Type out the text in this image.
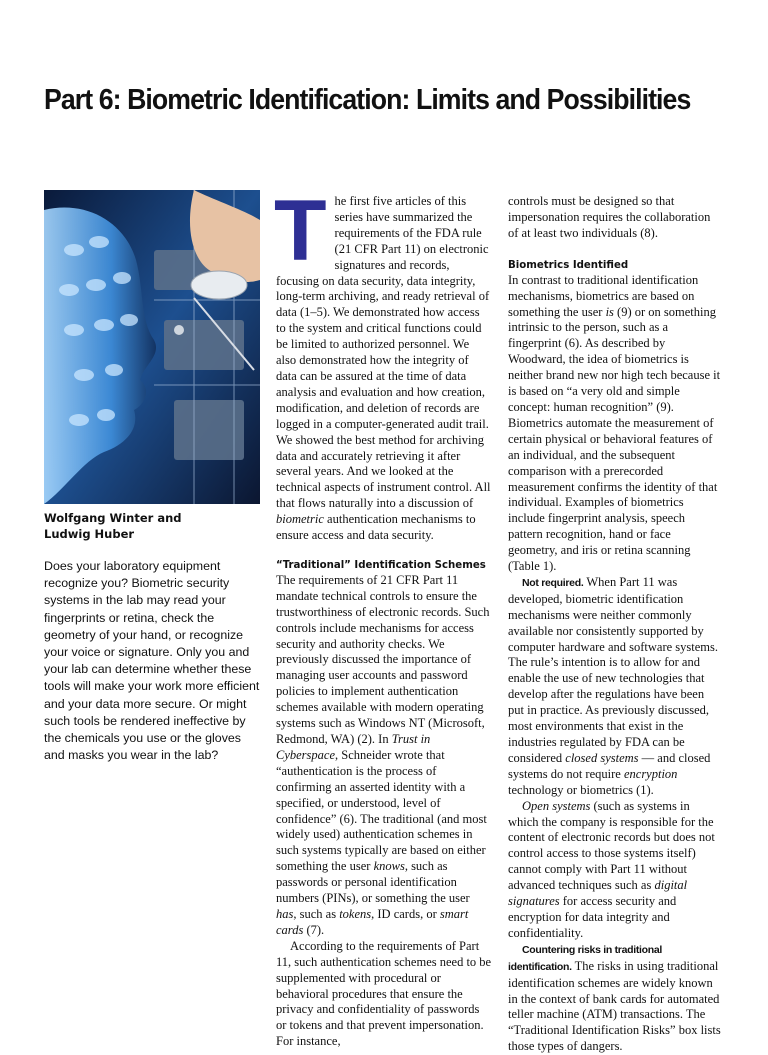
Part 6: Biometric Identification: Limits and Possibilities
Wolfgang Winter and
Ludwig Huber

Does your laboratory equipment recognize you? Biometric security systems in the lab may read your fingerprints or retina, check the geometry of your hand, or recognize your voice or signature. Only you and your lab can determine whether these tools will make your work more efficient and your data more secure. Or might such tools be rendered ineffective by the chemicals you use or the gloves and masks you wear in the lab?

T he first five articles of this series have summarized the requirements of the FDA rule (21 CFR Part 11) on electronic signatures and records, focusing on data security, data integrity, long-term archiving, and ready retrieval of data (1–5). We demonstrated how access to the system and critical functions could be limited to authorized personnel. We also demonstrated how the integrity of data can be assured at the time of data analysis and evaluation and how creation, modification, and deletion of records are logged in a computer-generated audit trail. We showed the best method for archiving data and accurately retrieving it after several years. And we looked at the technical aspects of instrument control. All that flows naturally into a discussion of biometric authentication mechanisms to ensure access and data security.

“Traditional” Identification Schemes

The requirements of 21 CFR Part 11 mandate technical controls to ensure the trustworthiness of electronic records. Such controls include mechanisms for access security and authority checks. We previously discussed the importance of managing user accounts and password policies to implement authentication schemes available with modern operating systems such as Windows NT (Microsoft, Redmond, WA) (2). In Trust in Cyberspace, Schneider wrote that “authentication is the process of confirming an asserted identity with a specified, or understood, level of confidence” (6). The traditional (and most widely used) authentication schemes in such systems typically are based on either something the user knows, such as passwords or personal identification numbers (PINs), or something the user has, such as tokens, ID cards, or smart cards (7).

According to the requirements of Part 11, such authentication schemes need to be supplemented with procedural or behavioral procedures that ensure the privacy and confidentiality of passwords or tokens and that prevent impersonation. For instance,

controls must be designed so that impersonation requires the collaboration of at least two individuals (8).

Biometrics Identified

In contrast to traditional identification mechanisms, biometrics are based on something the user is (9) or on something intrinsic to the person, such as a fingerprint (6). As described by Woodward, the idea of biometrics is neither brand new nor high tech because it is based on “a very old and simple concept: human recognition” (9). Biometrics automate the measurement of certain physical or behavioral features of an individual, and the subsequent comparison with a prerecorded measurement confirms the identity of that individual. Examples of biometrics include fingerprint analysis, speech pattern recognition, hand or face geometry, and iris or retina scanning (Table 1).

Not required. When Part 11 was developed, biometric identification mechanisms were neither commonly available nor consistently supported by computer hardware and software systems. The rule’s intention is to allow for and enable the use of new technologies that develop after the regulations have been put in practice. As previously discussed, most environments that exist in the industries regulated by FDA can be considered closed systems — and closed systems do not require encryption technology or biometrics (1).

Open systems (such as systems in which the company is responsible for the content of electronic records but does not control access to those systems itself) cannot comply with Part 11 without advanced techniques such as digital signatures for access security and encryption for data integrity and confidentiality.

Countering risks in traditional identification. The risks in using traditional identification schemes are widely known in the context of bank cards for automated teller machine (ATM) transactions. The “Traditional Identification Risks” box lists those types of dangers.
